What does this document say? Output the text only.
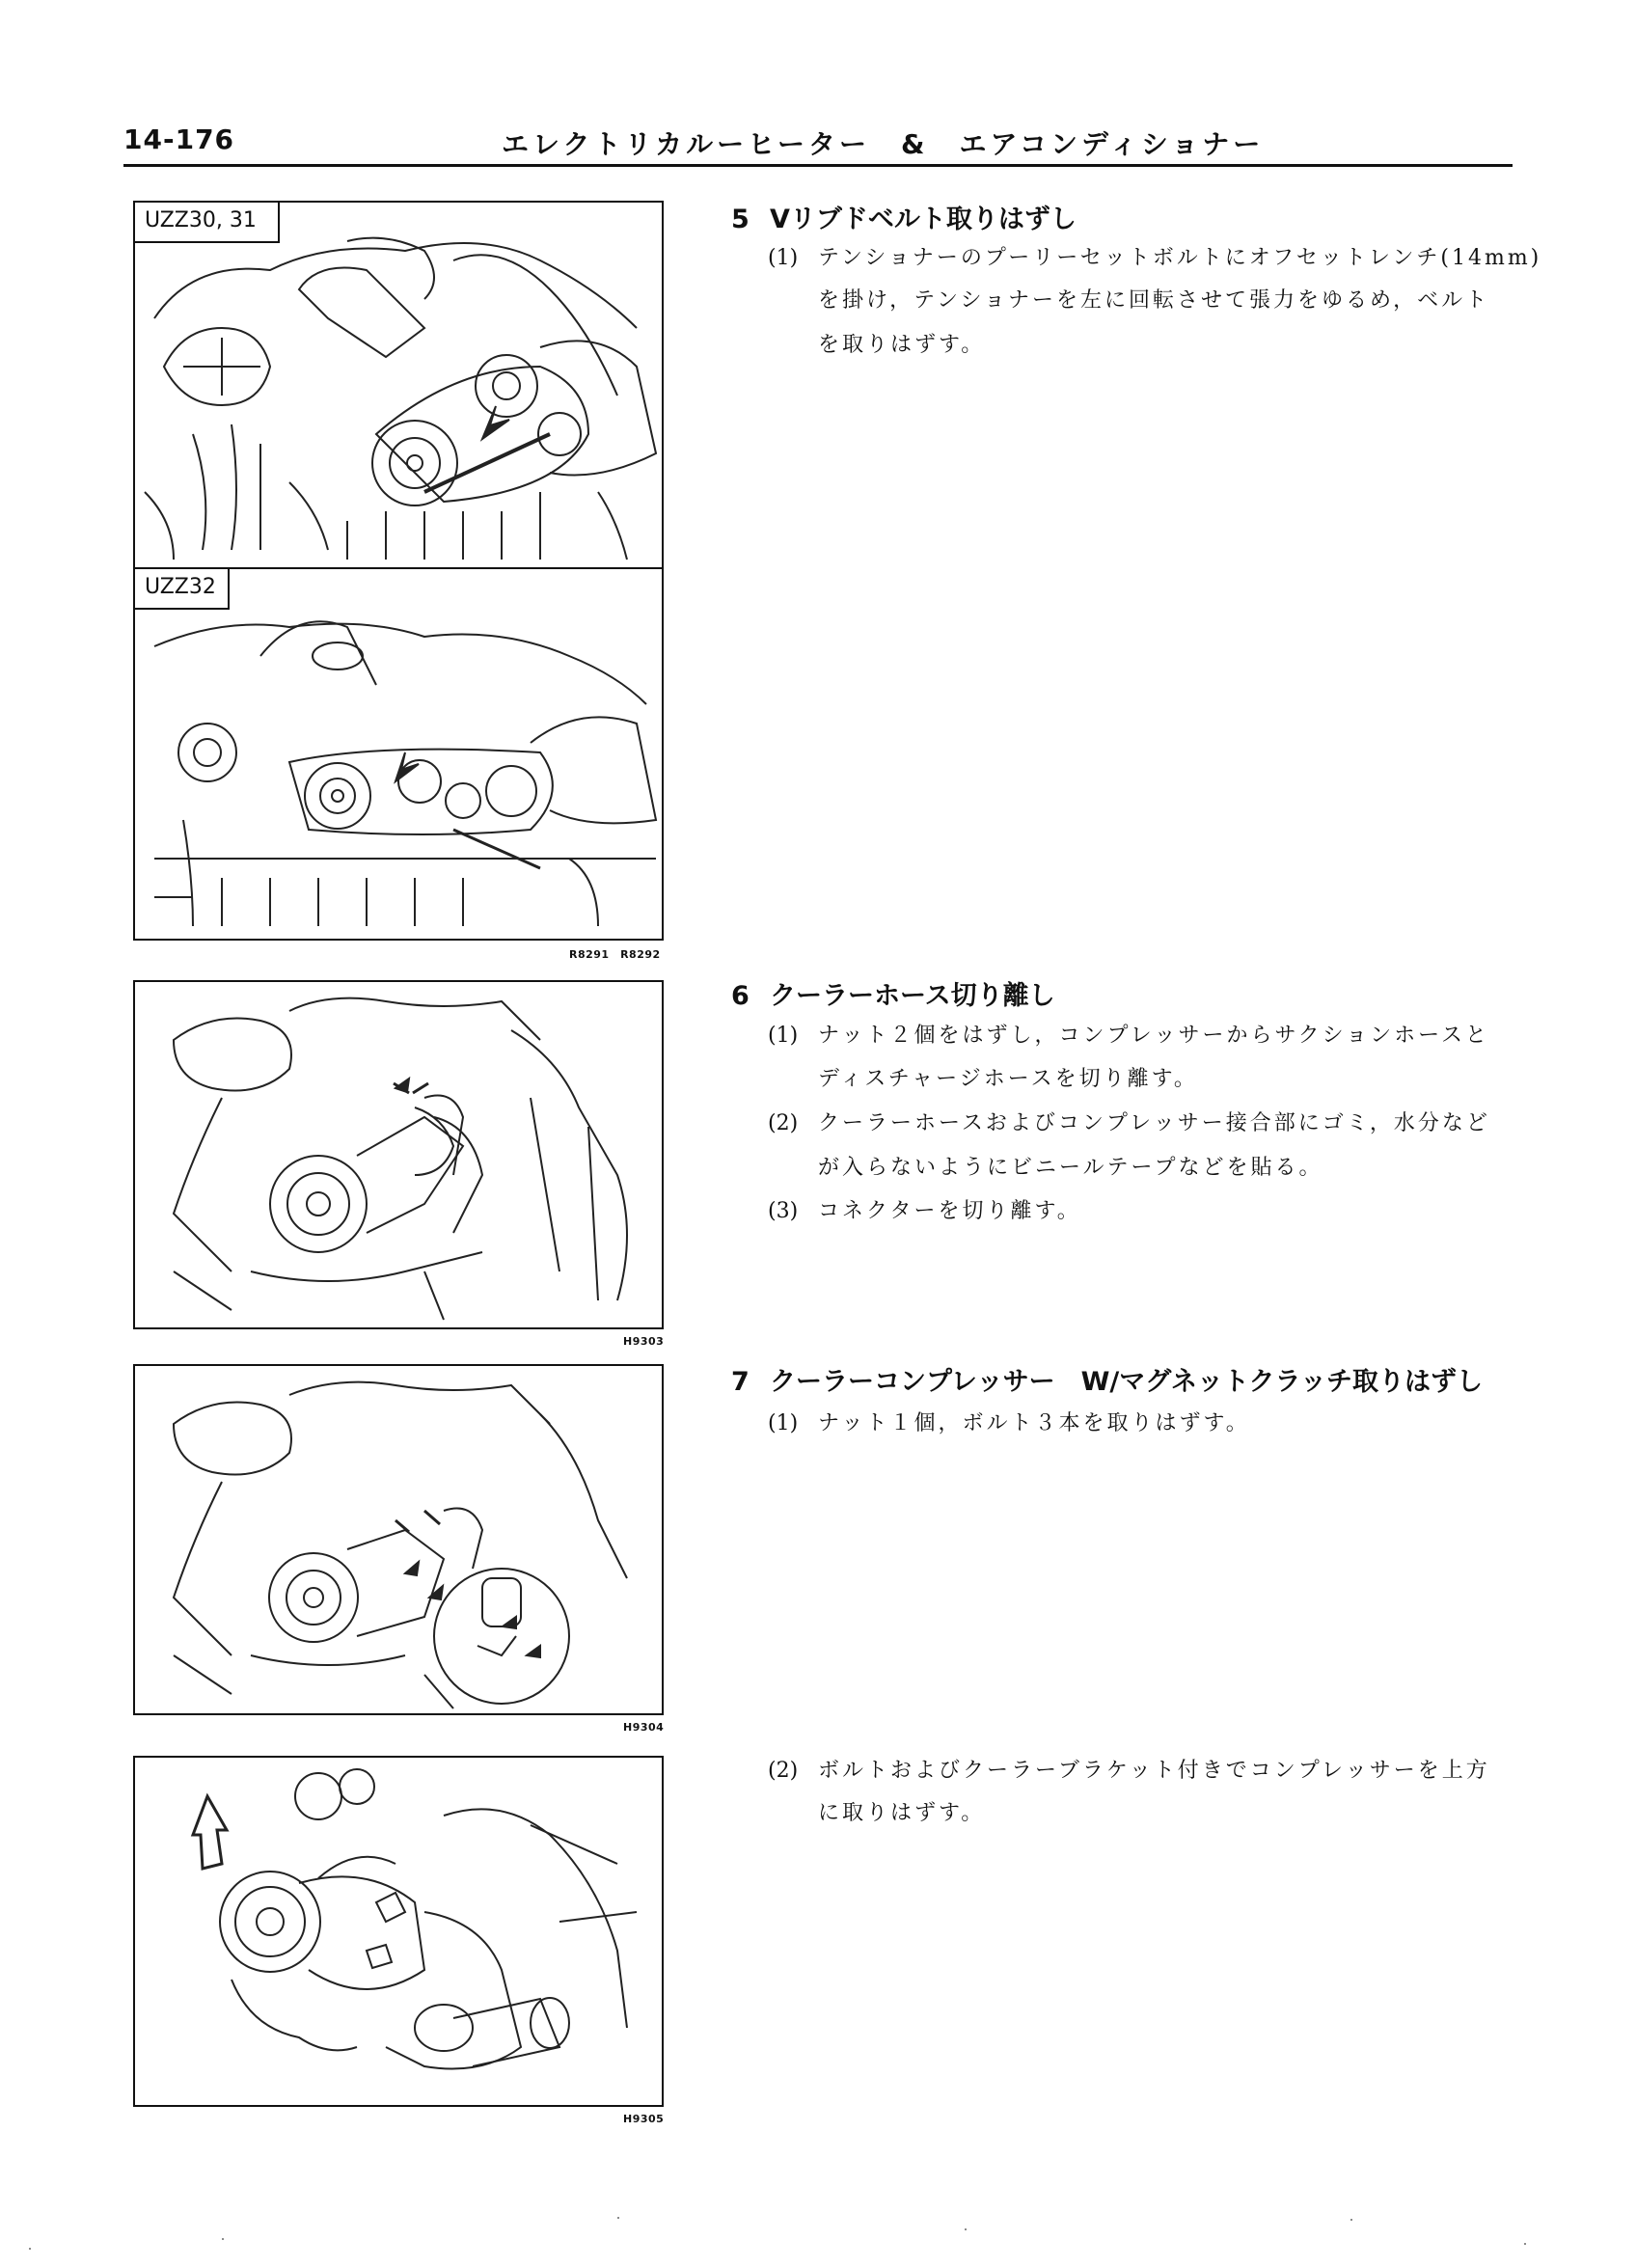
14-176	エレクトリカルーヒーター　&　エアコンディショナー
UZZ30, 31
UZZ32
R8291　R8292
H9303
H9304
H9305
5 Vリブドベルト取りはずし
(1) テンショナーのプーリーセットボルトにオフセットレンチ(14mm)
を掛け，テンショナーを左に回転させて張力をゆるめ，ベルト
を取りはずす。
6 クーラーホース切り離し
(1) ナット２個をはずし，コンプレッサーからサクションホースと
ディスチャージホースを切り離す。
(2) クーラーホースおよびコンプレッサー接合部にゴミ，水分など
が入らないようにビニールテープなどを貼る。
(3) コネクターを切り離す。
7 クーラーコンプレッサー　W/マグネットクラッチ取りはずし
(1) ナット１個，ボルト３本を取りはずす。
(2) ボルトおよびクーラーブラケット付きでコンプレッサーを上方
に取りはずす。
